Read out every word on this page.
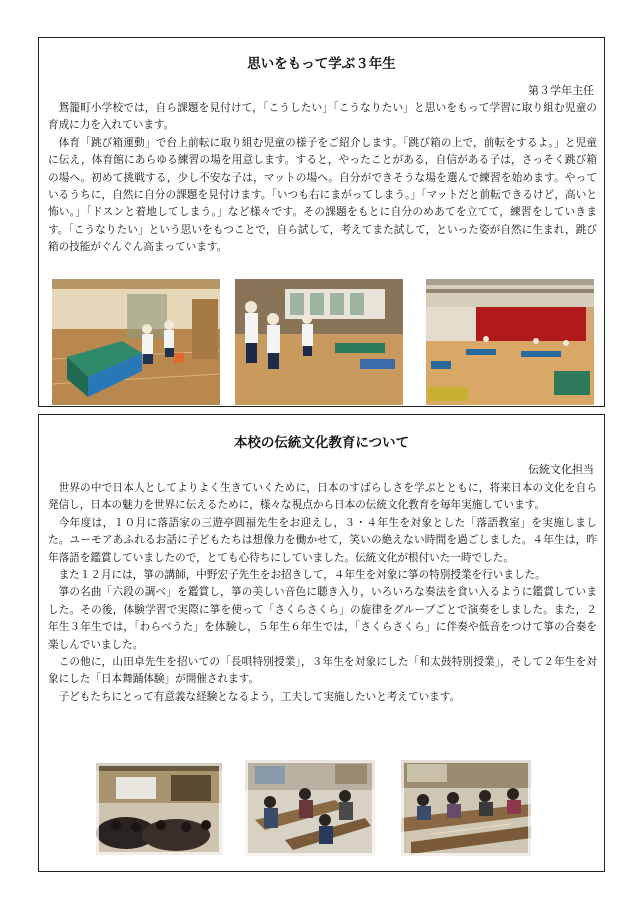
思いをもって学ぶ３年生
第３学年主任

鴛籠町小学校では，自ら課題を見付けて，「こうしたい」「こうなりたい」と思いをもって学習に取り組む児童の育成に力を入れています。

体育「跳び箱運動」で台上前転に取り組む児童の様子をご紹介します。「跳び箱の上で，前転をするよ。」と児童に伝え，体育館にあらゆる練習の場を用意します。すると，やったことがある，自信がある子は，さっそく跳び箱の場へ。初めて挑戦する，少し不安な子は，マットの場へ。自分ができそうな場を選んで練習を始めます。やっているうちに，自然に自分の課題を見付けます。「いつも右にまがってしまう。」「マットだと前転できるけど，高いと怖い。」「ドスンと着地してしまう。」など様々です。その課題をもとに自分のめあてを立てて，練習をしていきます。「こうなりたい」という思いをもつことで，自ら試して，考えてまた試して，といった姿が自然に生まれ，跳び箱の技能がぐんぐん高まっています。

本校の伝統文化教育について
伝統文化担当

世界の中で日本人としてよりよく生きていくために，日本のすばらしさを学ぶとともに，将来日本の文化を自ら発信し，日本の魅力を世界に伝えるために，様々な視点から日本の伝統文化教育を毎年実施しています。

今年度は，１０月に落語家の三遊亭圓福先生をお迎えし，３・４年生を対象とした「落語教室」を実施しました。ユーモアあふれるお話に子どもたちは想像力を働かせて，笑いの絶えない時間を過ごしました。４年生は，昨年落語を鑑賞していましたので，とても心待ちにしていました。伝統文化が根付いた一時でした。

また１２月には，箏の講師，中野宏子先生をお招きして，４年生を対象に箏の特別授業を行いました。

箏の名曲「六段の調べ」を鑑賞し，箏の美しい音色に聴き入り，いろいろな奏法を食い入るように鑑賞していました。その後，体験学習で実際に箏を使って「さくらさくら」の旋律をグループごとで演奏をしました。また，２年生３年生では，「わらべうた」を体験し，５年生６年生では，「さくらさくら」に伴奏や低音をつけて箏の合奏を楽しんでいました。

この他に，山田卓先生を招いての「長唄特別授業」，３年生を対象にした「和太鼓特別授業」，そして２年生を対象にした「日本舞踊体験」が開催されます。

子どもたちにとって有意義な経験となるよう，工夫して実施したいと考えています。
